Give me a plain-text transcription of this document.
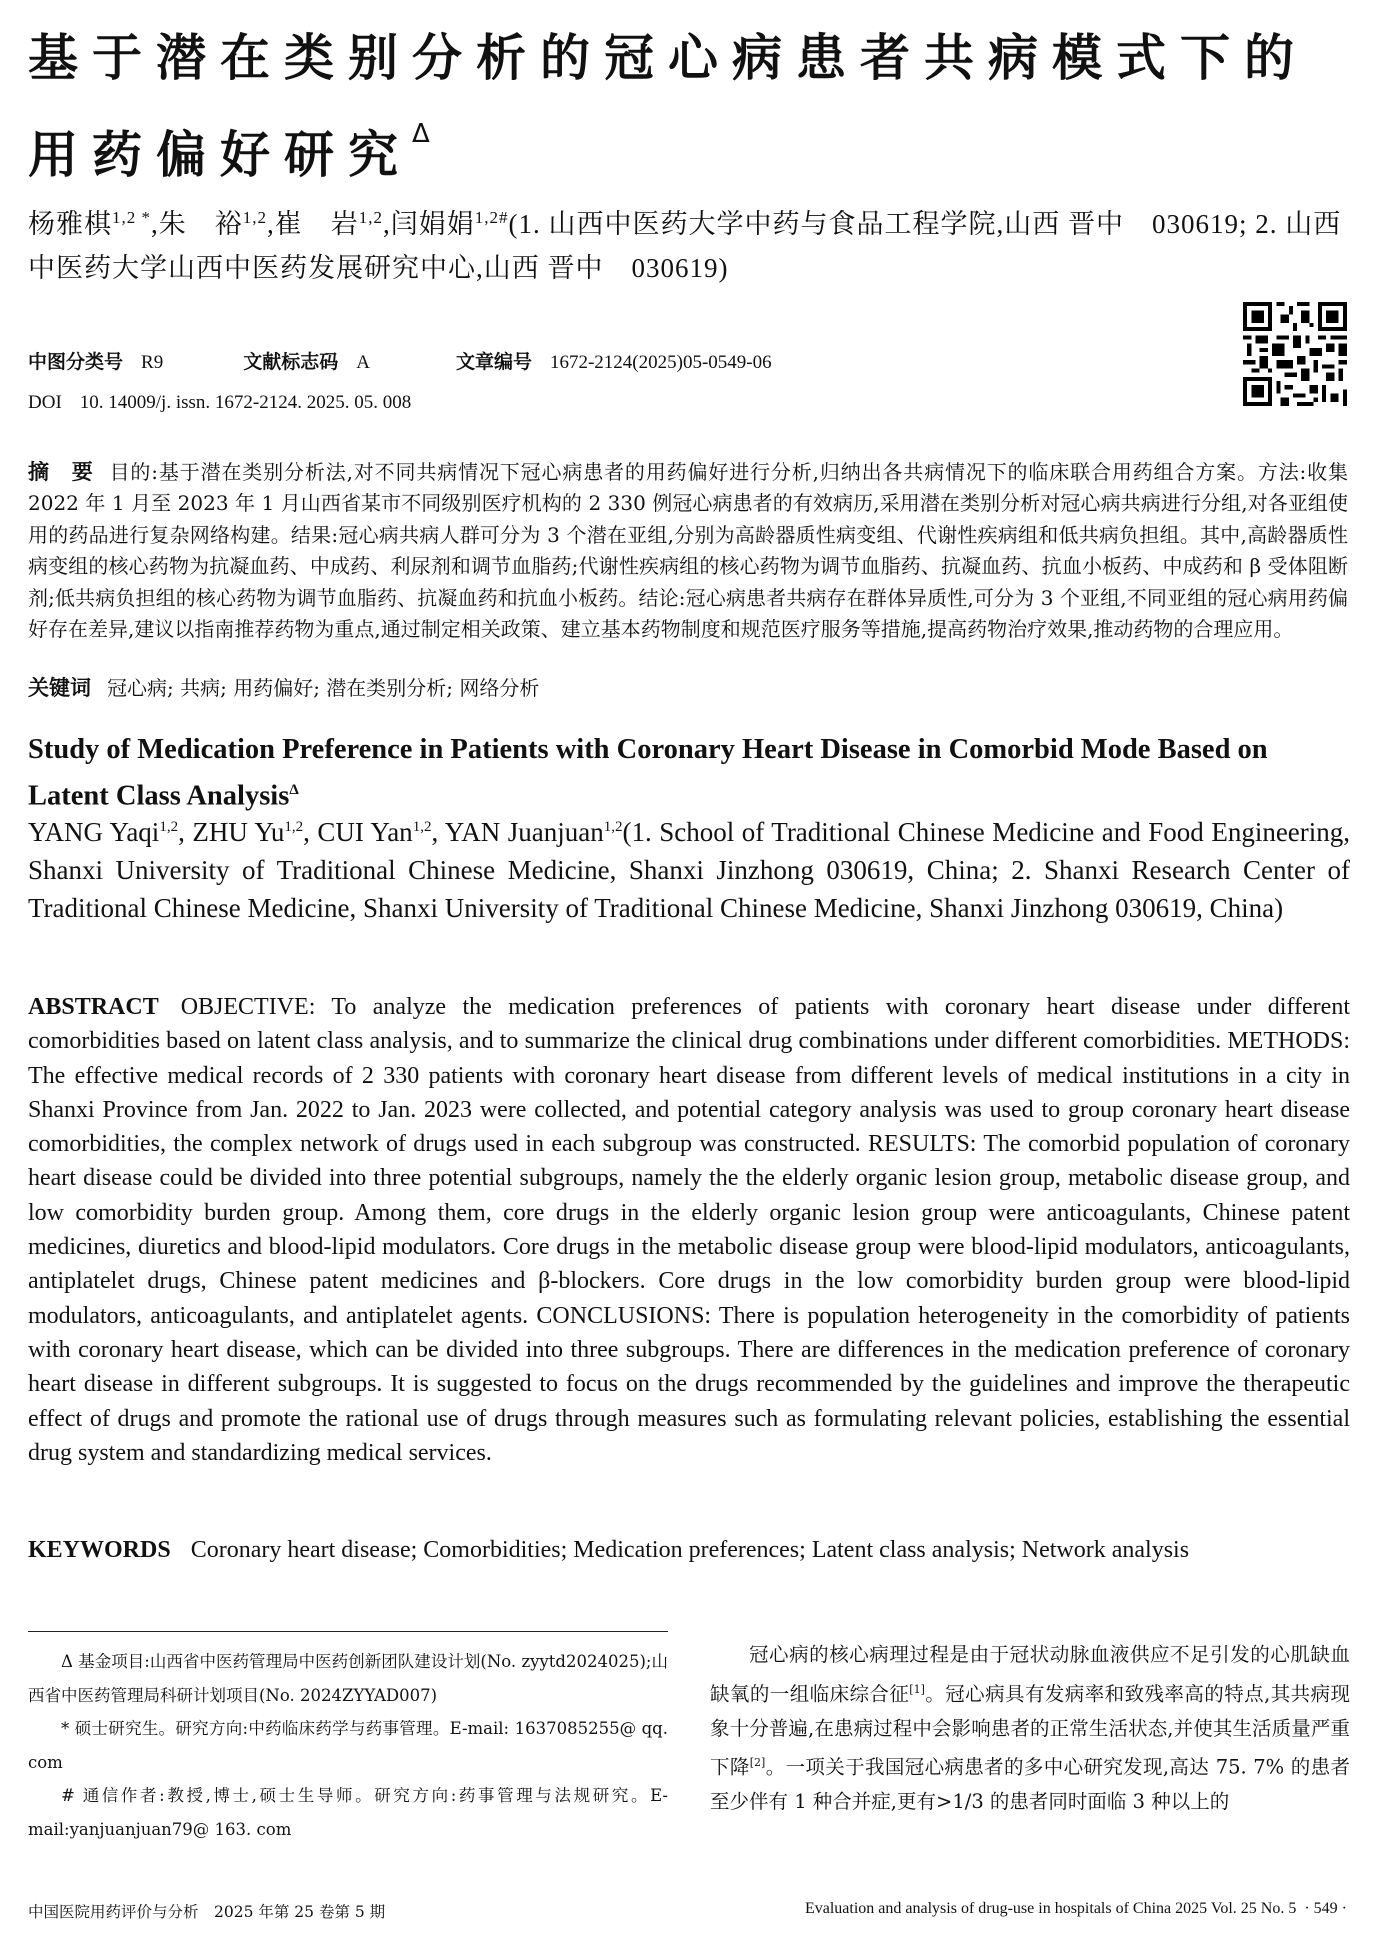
基于潜在类别分析的冠心病患者共病模式下的用药偏好研究$^\Delta$
杨雅棋$^{1,2 *}$,朱　裕$^{1,2}$,崔　岩$^{1,2}$,闫娟娟$^{1,2\#}$(1. 山西中医药大学中药与食品工程学院,山西 晋中　030619; 2. 山西中医药大学山西中医药发展研究中心,山西 晋中　030619)
中图分类号 R9	文献标志码 A	文章编号 1672-2124(2025)05-0549-06
DOI 10. 14009/j. issn. 1672-2124. 2025. 05. 008
摘　要 目的:基于潜在类别分析法,对不同共病情况下冠心病患者的用药偏好进行分析,归纳出各共病情况下的临床联合用药组合方案。方法:收集 2022 年 1 月至 2023 年 1 月山西省某市不同级别医疗机构的 2 330 例冠心病患者的有效病历,采用潜在类别分析对冠心病共病进行分组,对各亚组使用的药品进行复杂网络构建。结果:冠心病共病人群可分为 3 个潜在亚组,分别为高龄器质性病变组、代谢性疾病组和低共病负担组。其中,高龄器质性病变组的核心药物为抗凝血药、中成药、利尿剂和调节血脂药;代谢性疾病组的核心药物为调节血脂药、抗凝血药、抗血小板药、中成药和 β 受体阻断剂;低共病负担组的核心药物为调节血脂药、抗凝血药和抗血小板药。结论:冠心病患者共病存在群体异质性,可分为 3 个亚组,不同亚组的冠心病用药偏好存在差异,建议以指南推荐药物为重点,通过制定相关政策、建立基本药物制度和规范医疗服务等措施,提高药物治疗效果,推动药物的合理应用。
关键词 冠心病; 共病; 用药偏好; 潜在类别分析; 网络分析
Study of Medication Preference in Patients with Coronary Heart Disease in Comorbid Mode Based on Latent Class Analysis$^\Delta$
YANG Yaqi$^{1,2}$, ZHU Yu$^{1,2}$, CUI Yan$^{1,2}$, YAN Juanjuan$^{1,2}$(1. School of Traditional Chinese Medicine and Food Engineering, Shanxi University of Traditional Chinese Medicine, Shanxi Jinzhong 030619, China; 2. Shanxi Research Center of Traditional Chinese Medicine, Shanxi University of Traditional Chinese Medicine, Shanxi Jinzhong 030619, China)
ABSTRACT OBJECTIVE: To analyze the medication preferences of patients with coronary heart disease under different comorbidities based on latent class analysis, and to summarize the clinical drug combinations under different comorbidities. METHODS: The effective medical records of 2 330 patients with coronary heart disease from different levels of medical institutions in a city in Shanxi Province from Jan. 2022 to Jan. 2023 were collected, and potential category analysis was used to group coronary heart disease comorbidities, the complex network of drugs used in each subgroup was constructed. RESULTS: The comorbid population of coronary heart disease could be divided into three potential subgroups, namely the the elderly organic lesion group, metabolic disease group, and low comorbidity burden group. Among them, core drugs in the elderly organic lesion group were anticoagulants, Chinese patent medicines, diuretics and blood-lipid modulators. Core drugs in the metabolic disease group were blood-lipid modulators, anticoagulants, antiplatelet drugs, Chinese patent medicines and β-blockers. Core drugs in the low comorbidity burden group were blood-lipid modulators, anticoagulants, and antiplatelet agents. CONCLUSIONS: There is population heterogeneity in the comorbidity of patients with coronary heart disease, which can be divided into three subgroups. There are differences in the medication preference of coronary heart disease in different subgroups. It is suggested to focus on the drugs recommended by the guidelines and improve the therapeutic effect of drugs and promote the rational use of drugs through measures such as formulating relevant policies, establishing the essential drug system and standardizing medical services.
KEYWORDS Coronary heart disease; Comorbidities; Medication preferences; Latent class analysis; Network analysis

Δ 基金项目:山西省中医药管理局中医药创新团队建设计划(No. zyytd2024025);山西省中医药管理局科研计划项目(No. 2024ZYYAD007)

* 硕士研究生。研究方向:中药临床药学与药事管理。E-mail: 1637085255@ qq. com

# 通信作者:教授,博士,硕士生导师。研究方向:药事管理与法规研究。E-mail:yanjuanjuan79@ 163. com

冠心病的核心病理过程是由于冠状动脉血液供应不足引发的心肌缺血缺氧的一组临床综合征[1]。冠心病具有发病率和致残率高的特点,其共病现象十分普遍,在患病过程中会影响患者的正常生活状态,并使其生活质量严重下降[2]。一项关于我国冠心病患者的多中心研究发现,高达 75. 7% 的患者至少伴有 1 种合并症,更有>1/3 的患者同时面临 3 种以上的

中国医院用药评价与分析　2025 年第 25 卷第 5 期	Evaluation and analysis of drug-use in hospitals of China 2025 Vol. 25 No. 5 · 549 ·
